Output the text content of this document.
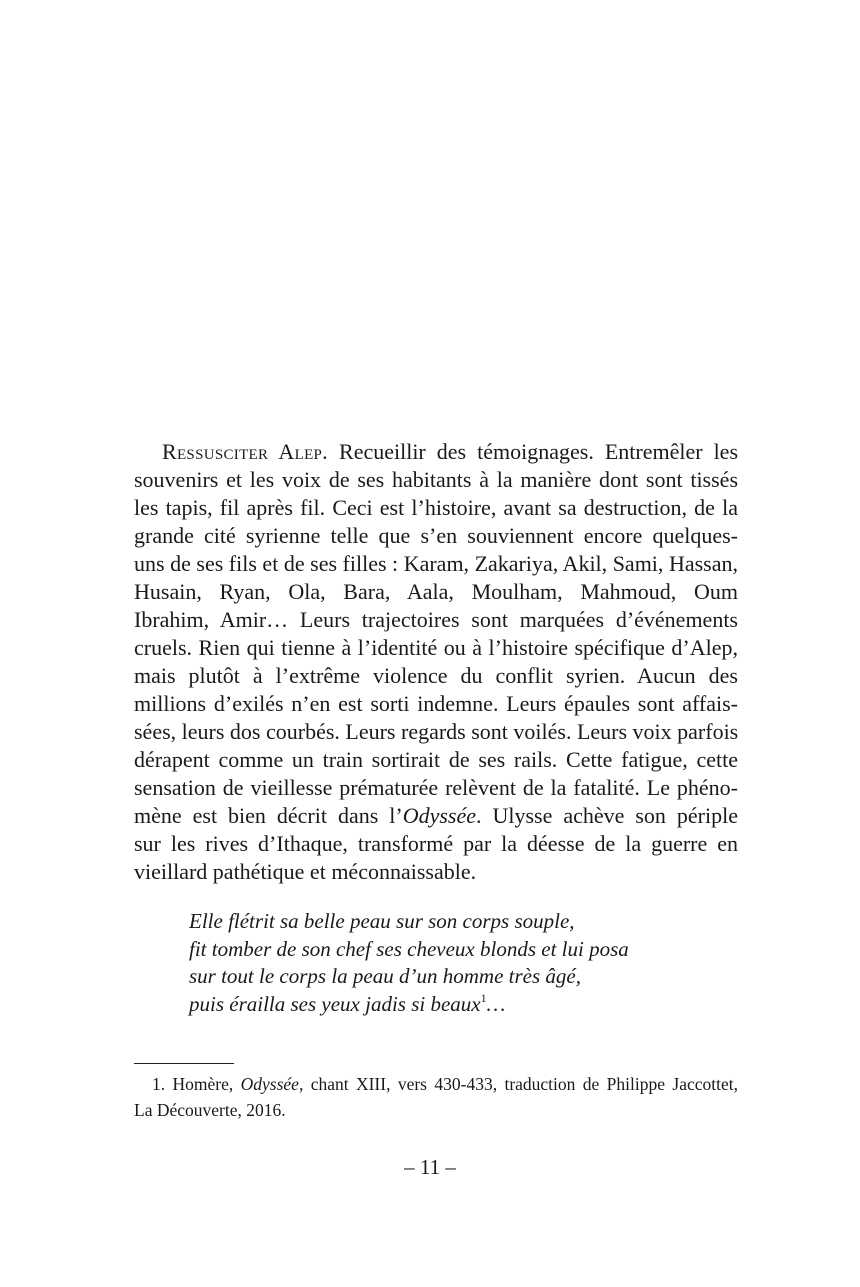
Ressusciter Alep. Recueillir des témoignages. Entremêler les
souvenirs et les voix de ses habitants à la manière dont sont tissés
les tapis, fil après fil. Ceci est l’histoire, avant sa destruction, de la
grande cité syrienne telle que s’en souviennent encore quelques-
uns de ses fils et de ses filles : Karam, Zakariya, Akil, Sami, Hassan,
Husain, Ryan, Ola, Bara, Aala, Moulham, Mahmoud, Oum
Ibrahim, Amir… Leurs trajectoires sont marquées d’événements
cruels. Rien qui tienne à l’identité ou à l’histoire spécifique d’Alep,
mais plutôt à l’extrême violence du conflit syrien. Aucun des
millions d’exilés n’en est sorti indemne. Leurs épaules sont affais-
sées, leurs dos courbés. Leurs regards sont voilés. Leurs voix parfois
dérapent comme un train sortirait de ses rails. Cette fatigue, cette
sensation de vieillesse prématurée relèvent de la fatalité. Le phéno-
mène est bien décrit dans l’Odyssée. Ulysse achève son périple
sur les rives d’Ithaque, transformé par la déesse de la guerre en
vieillard pathétique et méconnaissable.
Elle flétrit sa belle peau sur son corps souple,
fit tomber de son chef ses cheveux blonds et lui posa
sur tout le corps la peau d’un homme très âgé,
puis érailla ses yeux jadis si beaux$^1$…
1. Homère, Odyssée, chant XIII, vers 430-433, traduction de Philippe Jaccottet,
La Découverte, 2016.
– 11 –
